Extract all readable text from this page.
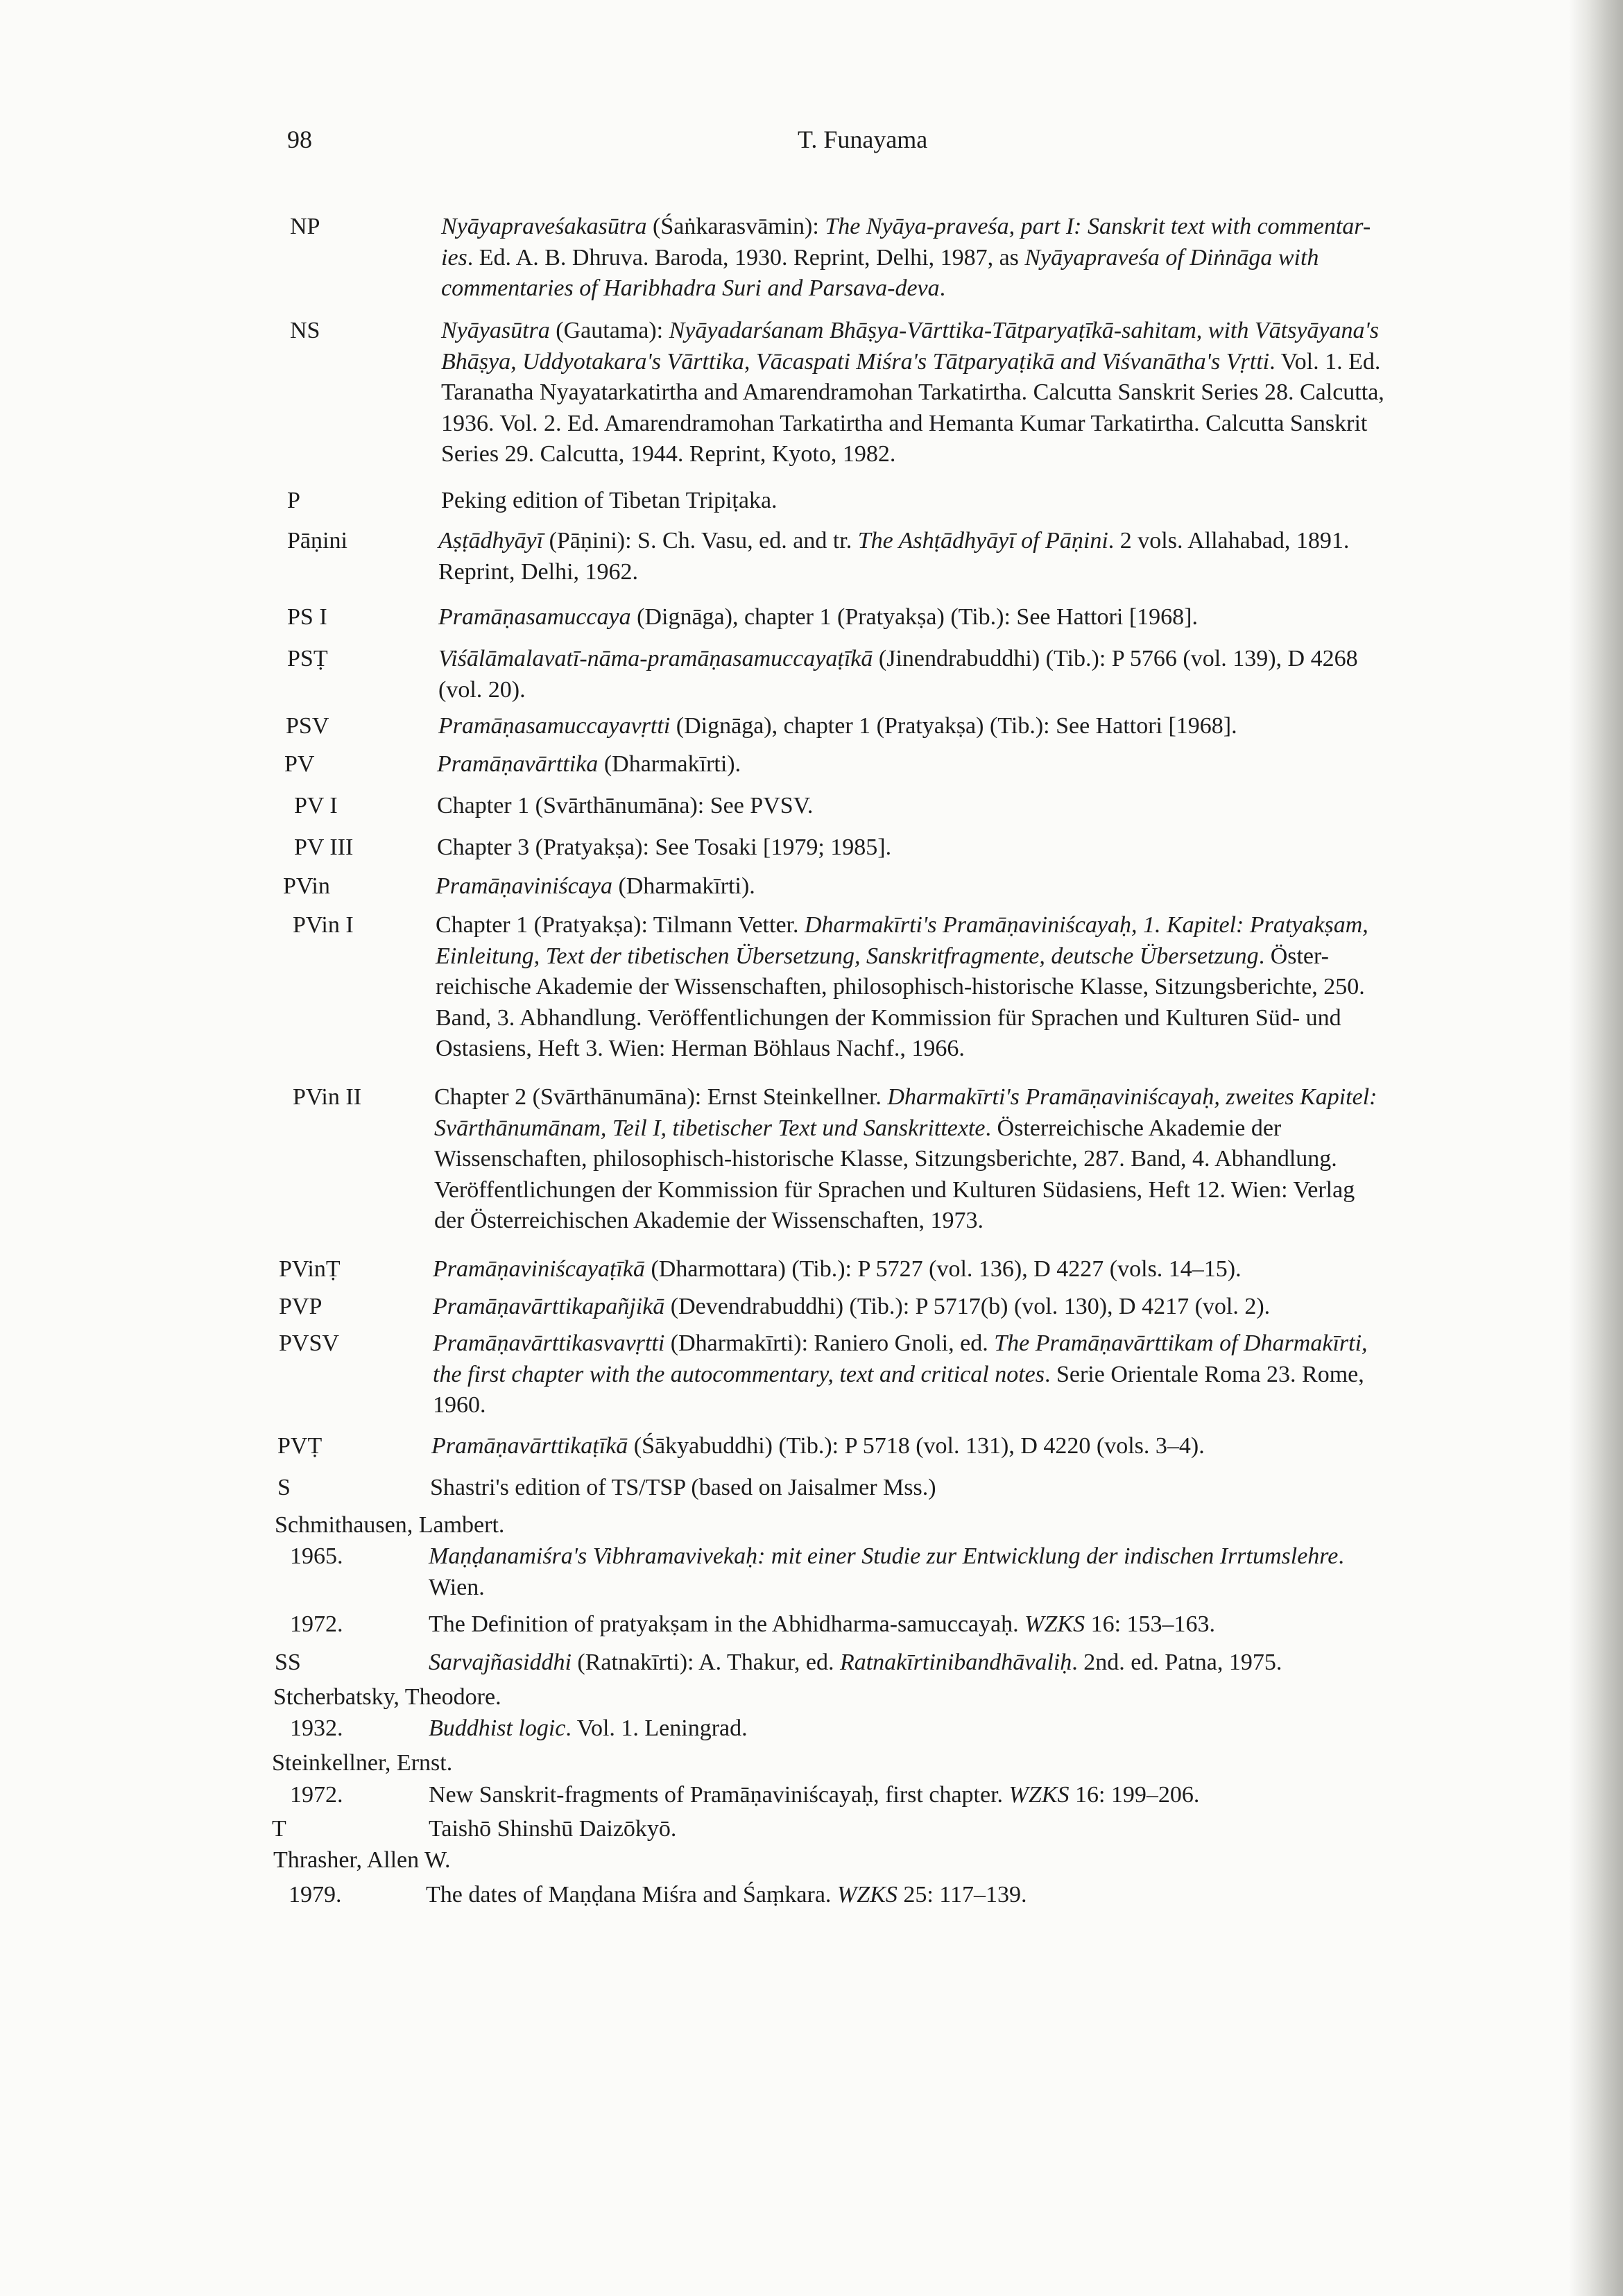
98	T. Funayama
NP	Nyāyapraveśakasūtra (Śaṅkarasvāmin): The Nyāya-praveśa, part I: Sanskrit text with commentar-
ies. Ed. A. B. Dhruva. Baroda, 1930. Reprint, Delhi, 1987, as Nyāyapraveśa of Diṅnāga with
commentaries of Haribhadra Suri and Parsava-deva.
NS	Nyāyasūtra (Gautama): Nyāyadarśanam Bhāṣya-Vārttika-Tātparyaṭīkā-sahitam, with Vātsyāyana's
Bhāṣya, Uddyotakara's Vārttika, Vācaspati Miśra's Tātparyaṭikā and Viśvanātha's Vṛtti. Vol. 1. Ed.
Taranatha Nyayatarkatirtha and Amarendramohan Tarkatirtha. Calcutta Sanskrit Series 28. Calcutta,
1936. Vol. 2. Ed. Amarendramohan Tarkatirtha and Hemanta Kumar Tarkatirtha. Calcutta Sanskrit
Series 29. Calcutta, 1944. Reprint, Kyoto, 1982.
P	Peking edition of Tibetan Tripiṭaka.
Pāṇini	Aṣṭādhyāyī (Pāṇini): S. Ch. Vasu, ed. and tr. The Ashṭādhyāyī of Pāṇini. 2 vols. Allahabad, 1891.
Reprint, Delhi, 1962.
PS I	Pramāṇasamuccaya (Dignāga), chapter 1 (Pratyakṣa) (Tib.): See Hattori [1968].
PSṬ	Viśālāmalavatī-nāma-pramāṇasamuccayaṭīkā (Jinendrabuddhi) (Tib.): P 5766 (vol. 139), D 4268
(vol. 20).
PSV	Pramāṇasamuccayavṛtti (Dignāga), chapter 1 (Pratyakṣa) (Tib.): See Hattori [1968].
PV	Pramāṇavārttika (Dharmakīrti).
PV I	Chapter 1 (Svārthānumāna): See PVSV.
PV III	Chapter 3 (Pratyakṣa): See Tosaki [1979; 1985].
PVin	Pramāṇaviniścaya (Dharmakīrti).
PVin I	Chapter 1 (Pratyakṣa): Tilmann Vetter. Dharmakīrti's Pramāṇaviniścayaḥ, 1. Kapitel: Pratyakṣam,
Einleitung, Text der tibetischen Übersetzung, Sanskritfragmente, deutsche Übersetzung. Öster-
reichische Akademie der Wissenschaften, philosophisch-historische Klasse, Sitzungsberichte, 250.
Band, 3. Abhandlung. Veröffentlichungen der Kommission für Sprachen und Kulturen Süd- und
Ostasiens, Heft 3. Wien: Herman Böhlaus Nachf., 1966.
PVin II	Chapter 2 (Svārthānumāna): Ernst Steinkellner. Dharmakīrti's Pramāṇaviniścayaḥ, zweites Kapitel:
Svārthānumānam, Teil I, tibetischer Text und Sanskrittexte. Österreichische Akademie der
Wissenschaften, philosophisch-historische Klasse, Sitzungsberichte, 287. Band, 4. Abhandlung.
Veröffentlichungen der Kommission für Sprachen und Kulturen Südasiens, Heft 12. Wien: Verlag
der Österreichischen Akademie der Wissenschaften, 1973.
PVinṬ	Pramāṇaviniścayaṭīkā (Dharmottara) (Tib.): P 5727 (vol. 136), D 4227 (vols. 14–15).
PVP	Pramāṇavārttikapañjikā (Devendrabuddhi) (Tib.): P 5717(b) (vol. 130), D 4217 (vol. 2).
PVSV	Pramāṇavārttikasvavṛtti (Dharmakīrti): Raniero Gnoli, ed. The Pramāṇavārttikam of Dharmakīrti,
the first chapter with the autocommentary, text and critical notes. Serie Orientale Roma 23. Rome,
1960.
PVṬ	Pramāṇavārttikaṭīkā (Śākyabuddhi) (Tib.): P 5718 (vol. 131), D 4220 (vols. 3–4).
S	Shastri's edition of TS/TSP (based on Jaisalmer Mss.)
Schmithausen, Lambert.
1965.	Maṇḍanamiśra's Vibhramavivekaḥ: mit einer Studie zur Entwicklung der indischen Irrtumslehre.
Wien.
1972.	The Definition of pratyakṣam in the Abhidharma-samuccayaḥ. WZKS 16: 153–163.
SS	Sarvajñasiddhi (Ratnakīrti): A. Thakur, ed. Ratnakīrtinibandhāvaliḥ. 2nd. ed. Patna, 1975.
Stcherbatsky, Theodore.
1932.	Buddhist logic. Vol. 1. Leningrad.
Steinkellner, Ernst.
1972.	New Sanskrit-fragments of Pramāṇaviniścayaḥ, first chapter. WZKS 16: 199–206.
T	Taishō Shinshū Daizōkyō.
Thrasher, Allen W.
1979.	The dates of Maṇḍana Miśra and Śaṃkara. WZKS 25: 117–139.
